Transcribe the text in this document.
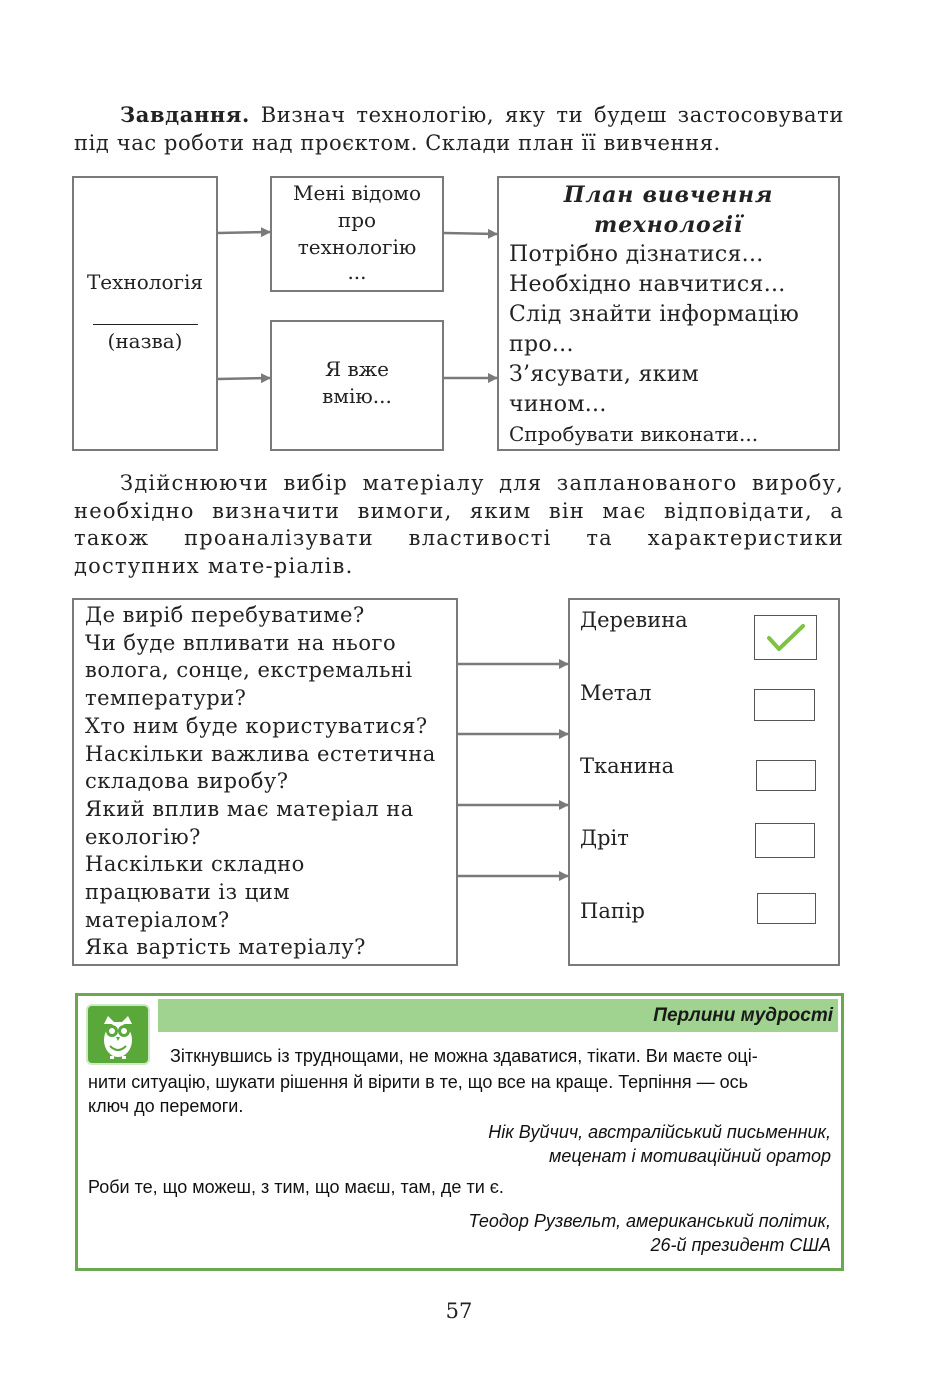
Завдання. Визнач технологію, яку ти будеш застосовувати під час роботи над проєктом. Склади план її вивчення.
Технологія
(назва)
Мені відомо
про
технологію
...
Я вже
вмію...
План вивчення
технології
Потрібно дізнатися...
Необхідно навчитися...
Слід знайти інформацію
про...
З’ясувати, яким
чином...
Спробувати виконати...
Здійснюючи вибір матеріалу для запланованого виробу, необхідно визначити вимоги, яким він має відповідати, а також проаналізувати властивості та характеристики доступних мате-ріалів.
Де виріб перебуватиме?
Чи буде впливати на нього
волога, сонце, екстремальні
температури?
Хто ним буде користуватися?
Наскільки важлива естетична
складова виробу?
Який вплив має матеріал на
екологію?
Наскільки складно
працювати із цим
матеріалом?
Яка вартість матеріалу?
Деревина
Метал
Тканина
Дріт
Папір
Перлини мудрості
Зіткнувшись із труднощами, не можна здаватися, тікати. Ви маєте оці-
нити ситуацію, шукати рішення й вірити в те, що все на краще. Терпіння — ось
ключ до перемоги.
Нік Вуйчич, австралійський письменник,
меценат і мотиваційний оратор
Роби те, що можеш, з тим, що маєш, там, де ти є.
Теодор Рузвельт, американський політик,
26-й президент США
57
